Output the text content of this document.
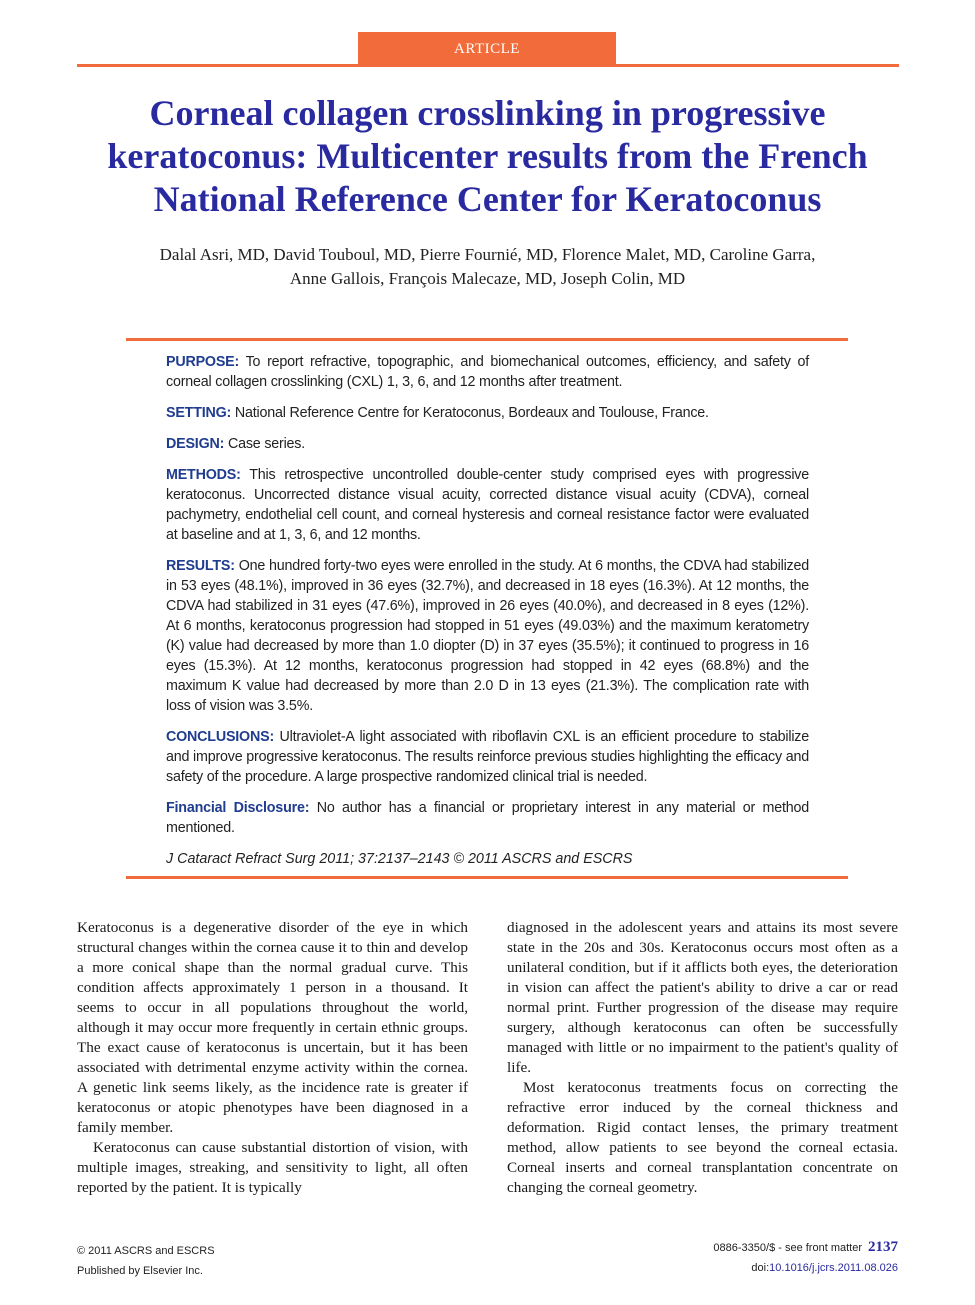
ARTICLE
Corneal collagen crosslinking in progressive keratoconus: Multicenter results from the French National Reference Center for Keratoconus
Dalal Asri, MD, David Touboul, MD, Pierre Fournié, MD, Florence Malet, MD, Caroline Garra,
Anne Gallois, François Malecaze, MD, Joseph Colin, MD

PURPOSE: To report refractive, topographic, and biomechanical outcomes, efficiency, and safety of corneal collagen crosslinking (CXL) 1, 3, 6, and 12 months after treatment.

SETTING: National Reference Centre for Keratoconus, Bordeaux and Toulouse, France.

DESIGN: Case series.

METHODS: This retrospective uncontrolled double-center study comprised eyes with progressive keratoconus. Uncorrected distance visual acuity, corrected distance visual acuity (CDVA), corneal pachymetry, endothelial cell count, and corneal hysteresis and corneal resistance factor were evaluated at baseline and at 1, 3, 6, and 12 months.

RESULTS: One hundred forty-two eyes were enrolled in the study. At 6 months, the CDVA had stabilized in 53 eyes (48.1%), improved in 36 eyes (32.7%), and decreased in 18 eyes (16.3%). At 12 months, the CDVA had stabilized in 31 eyes (47.6%), improved in 26 eyes (40.0%), and decreased in 8 eyes (12%). At 6 months, keratoconus progression had stopped in 51 eyes (49.03%) and the maximum keratometry (K) value had decreased by more than 1.0 diopter (D) in 37 eyes (35.5%); it continued to progress in 16 eyes (15.3%). At 12 months, keratoconus progression had stopped in 42 eyes (68.8%) and the maximum K value had decreased by more than 2.0 D in 13 eyes (21.3%). The complication rate with loss of vision was 3.5%.

CONCLUSIONS: Ultraviolet-A light associated with riboflavin CXL is an efficient procedure to stabilize and improve progressive keratoconus. The results reinforce previous studies highlighting the efficacy and safety of the procedure. A large prospective randomized clinical trial is needed.

Financial Disclosure: No author has a financial or proprietary interest in any material or method mentioned.

J Cataract Refract Surg 2011; 37:2137–2143 © 2011 ASCRS and ESCRS

Keratoconus is a degenerative disorder of the eye in which structural changes within the cornea cause it to thin and develop a more conical shape than the normal gradual curve. This condition affects approximately 1 person in a thousand. It seems to occur in all populations throughout the world, although it may occur more frequently in certain ethnic groups. The exact cause of keratoconus is uncertain, but it has been associated with detrimental enzyme activity within the cornea. A genetic link seems likely, as the incidence rate is greater if keratoconus or atopic phenotypes have been diagnosed in a family member.

Keratoconus can cause substantial distortion of vision, with multiple images, streaking, and sensitivity to light, all often reported by the patient. It is typically

diagnosed in the adolescent years and attains its most severe state in the 20s and 30s. Keratoconus occurs most often as a unilateral condition, but if it afflicts both eyes, the deterioration in vision can affect the patient's ability to drive a car or read normal print. Further progression of the disease may require surgery, although keratoconus can often be successfully managed with little or no impairment to the patient's quality of life.

Most keratoconus treatments focus on correcting the refractive error induced by the corneal thickness and deformation. Rigid contact lenses, the primary treatment method, allow patients to see beyond the corneal ectasia. Corneal inserts and corneal transplantation concentrate on changing the corneal geometry.

© 2011 ASCRS and ESCRS
Published by Elsevier Inc.
0886-3350/$ - see front matter 2137
doi:10.1016/j.jcrs.2011.08.026
